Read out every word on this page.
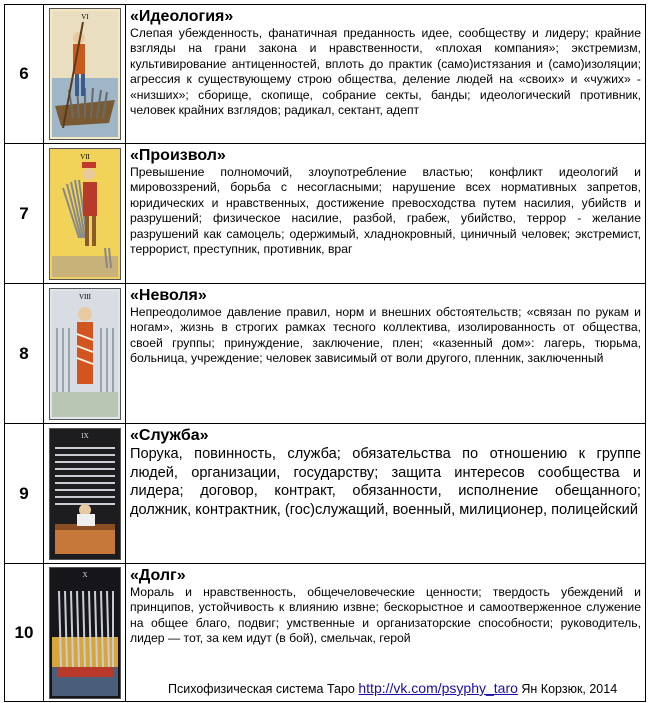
6
VI	«Идеология»
Слепая убежденность, фанатичная преданность идее, сообществу и лидеру; крайние взгляды на грани закона и нравственности, «плохая компания»; экстремизм, культивирование антиценностей, вплоть до практик (само)истязания и (само)изоляции; агрессия к существующему строю общества, деление людей на «своих» и «чужих» - «низших»; сборище, скопище, собрание секты, банды; идеологический противник, человек крайних взглядов; радикал, сектант, адепт
7
VII	«Произвол»
Превышение полномочий, злоупотребление властью; конфликт идеологий и мировоззрений, борьба с несогласными; нарушение всех нормативных запретов, юридических и нравственных, достижение превосходства путем насилия, убийств и разрушений; физическое насилие, разбой, грабеж, убийство, террор - желание разрушений как самоцель; одержимый, хладнокровный, циничный человек; экстремист, террорист, преступник, противник, враг
8
VIII «Неволя»
Непреодолимое давление правил, норм и внешних обстоятельств; «связан по рукам и ногам», жизнь в строгих рамках тесного коллектива, изолированность от общества, своей группы; принуждение, заключение, плен; «казенный дом»: лагерь, тюрьма, больница, учреждение; человек зависимый от воли другого, пленник, заключенный
9
IX	«Служба»
Порука, повинность, служба; обязательства по отношению к группе людей, организации, государству; защита интересов сообщества и лидера; договор, контракт, обязанности, исполнение обещанного; должник, контрактник, (гос)служащий, военный, милиционер, полицейский
10
X	«Долг»
Мораль и нравственность, общечеловеческие ценности; твердость убеждений и принципов, устойчивость к влиянию извне; бескорыстное и самоотверженное служение на общее благо, подвиг; умственные и организаторские способности; руководитель, лидер — тот, за кем идут (в бой), смельчак, герой
Психофизическая система Таро http://vk.com/psyphy_taro Ян Корзюк, 2014
